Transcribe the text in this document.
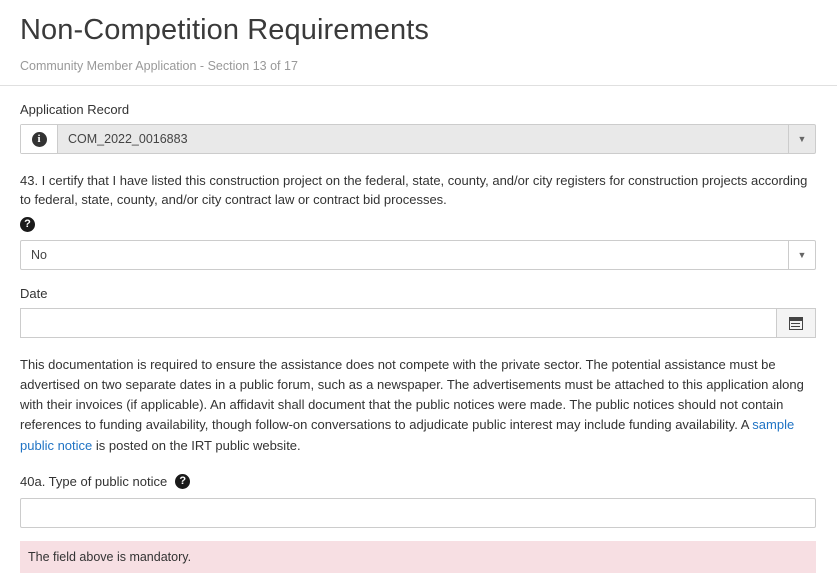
Non-Competition Requirements
Community Member Application - Section 13 of 17
Application Record
i	COM_2022_0016883	▼
43. I certify that I have listed this construction project on the federal, state, county, and/or city registers for construction projects according to federal, state, county, and/or city contract law or contract bid processes.
?
No	▼
Date
This documentation is required to ensure the assistance does not compete with the private sector. The potential assistance must be advertised on two separate dates in a public forum, such as a newspaper. The advertisements must be attached to this application along with their invoices (if applicable). An affidavit shall document that the public notices were made. The public notices should not contain references to funding availability, though follow-on conversations to adjudicate public interest may include funding availability. A sample public notice is posted on the IRT public website.
40a. Type of public notice	?
The field above is mandatory.
